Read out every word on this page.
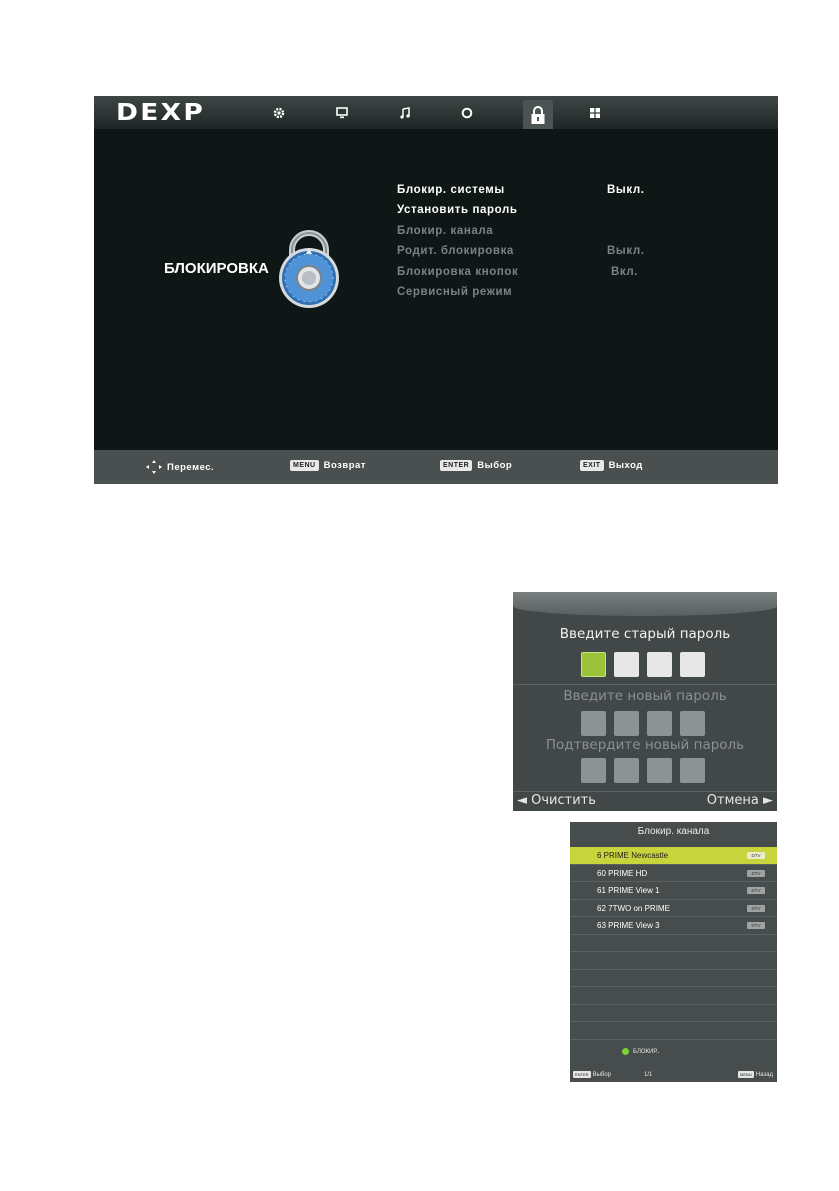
DEXP
БЛОКИРОВКА
Блокир. системы	Выкл.
Установить пароль
Блокир. канала
Родит. блокировка	Выкл.
Блокировка кнопок	Вкл.
Сервисный режим
Перемес.	MENU Возврат	ENTER Выбор	EXIT Выход
Введите старый пароль
Введите новый пароль
Подтвердите новый пароль
◄ Очистить	Отмена ►
Блокир. канала
: 6 PRIME Newcastle	DTV
60 PRIME HD	DTV
61 PRIME View 1	DTV
62 7TWO on PRIME	DTV
63 PRIME View 3	DTV
БЛОКИР..
ENTER Выбор	1/1	MENU Назад
